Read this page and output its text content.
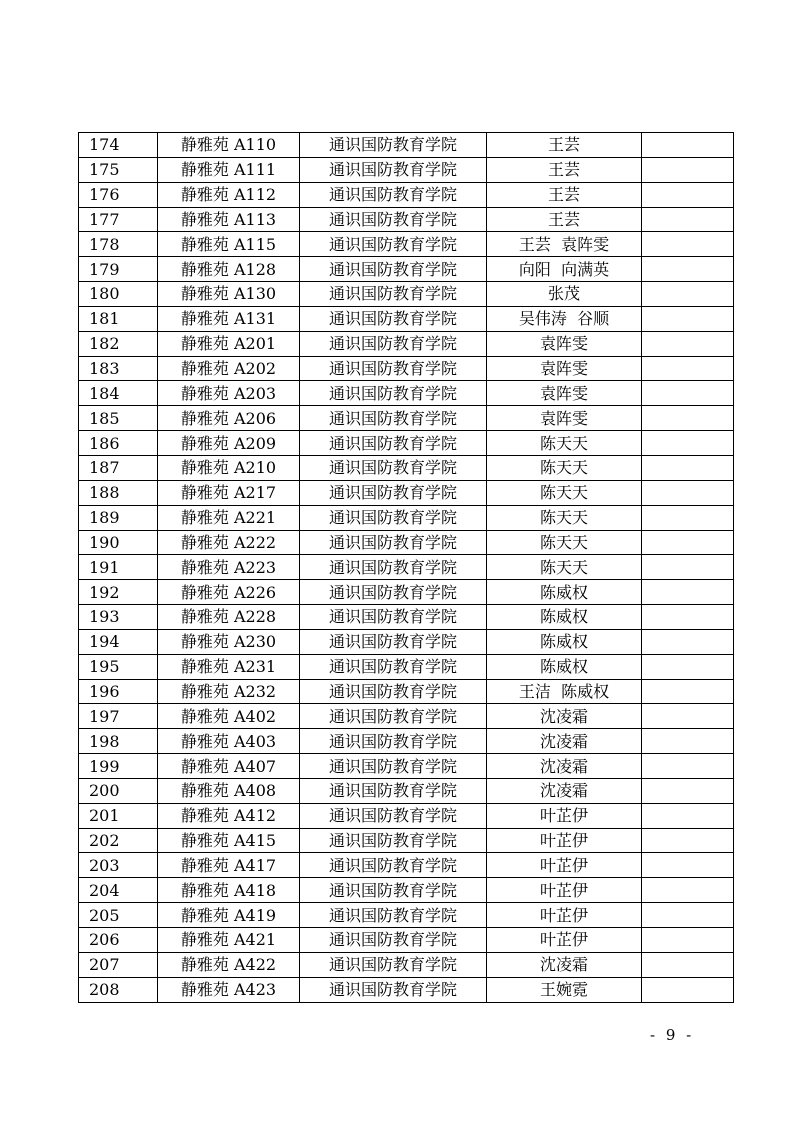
174	静雅苑 A110	通识国防教育学院	王芸	
175	静雅苑 A111	通识国防教育学院	王芸	
176	静雅苑 A112	通识国防教育学院	王芸	
177	静雅苑 A113	通识国防教育学院	王芸	
178	静雅苑 A115	通识国防教育学院	王芸  袁阵雯	
179	静雅苑 A128	通识国防教育学院	向阳  向满英	
180	静雅苑 A130	通识国防教育学院	张茂	
181	静雅苑 A131	通识国防教育学院	吴伟涛  谷顺	
182	静雅苑 A201	通识国防教育学院	袁阵雯	
183	静雅苑 A202	通识国防教育学院	袁阵雯	
184	静雅苑 A203	通识国防教育学院	袁阵雯	
185	静雅苑 A206	通识国防教育学院	袁阵雯	
186	静雅苑 A209	通识国防教育学院	陈天天	
187	静雅苑 A210	通识国防教育学院	陈天天	
188	静雅苑 A217	通识国防教育学院	陈天天	
189	静雅苑 A221	通识国防教育学院	陈天天	
190	静雅苑 A222	通识国防教育学院	陈天天	
191	静雅苑 A223	通识国防教育学院	陈天天	
192	静雅苑 A226	通识国防教育学院	陈威权	
193	静雅苑 A228	通识国防教育学院	陈威权	
194	静雅苑 A230	通识国防教育学院	陈威权	
195	静雅苑 A231	通识国防教育学院	陈威权	
196	静雅苑 A232	通识国防教育学院	王洁  陈威权	
197	静雅苑 A402	通识国防教育学院	沈凌霜	
198	静雅苑 A403	通识国防教育学院	沈凌霜	
199	静雅苑 A407	通识国防教育学院	沈凌霜	
200	静雅苑 A408	通识国防教育学院	沈凌霜	
201	静雅苑 A412	通识国防教育学院	叶芷伊	
202	静雅苑 A415	通识国防教育学院	叶芷伊	
203	静雅苑 A417	通识国防教育学院	叶芷伊	
204	静雅苑 A418	通识国防教育学院	叶芷伊	
205	静雅苑 A419	通识国防教育学院	叶芷伊	
206	静雅苑 A421	通识国防教育学院	叶芷伊	
207	静雅苑 A422	通识国防教育学院	沈凌霜	
208	静雅苑 A423	通识国防教育学院	王婉霓	
- 9 -
